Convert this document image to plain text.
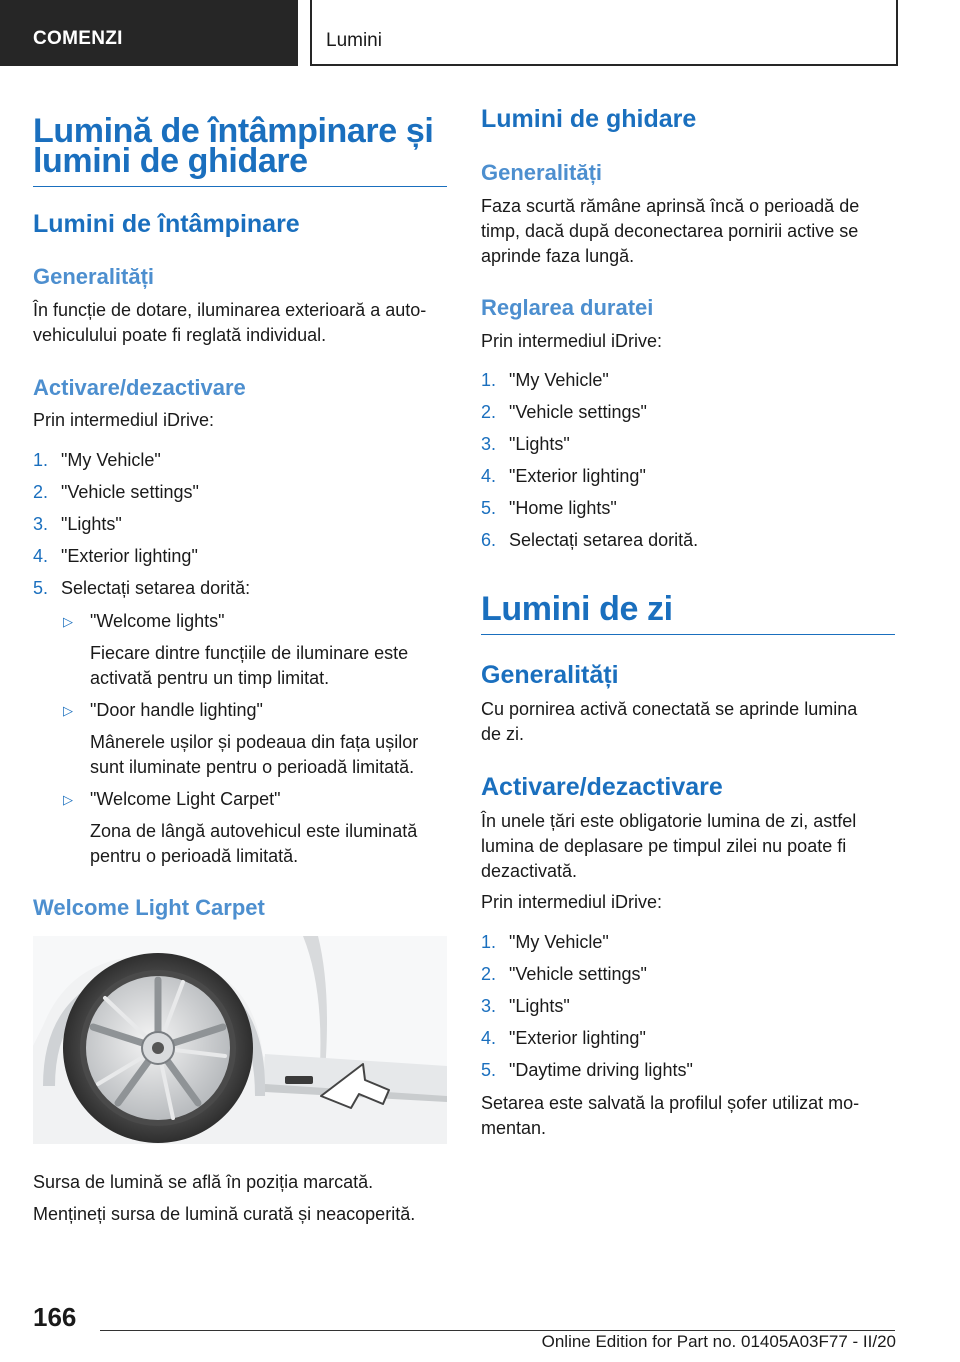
COMENZI	Lumini
Lumină de întâmpinare și
lumini de ghidare
Lumini de întâmpinare
Generalități
În funcție de dotare, iluminarea exterioară a auto‐
vehiculului poate fi reglată individual.
Activare/dezactivare
Prin intermediul iDrive:
1. "My Vehicle"
2. "Vehicle settings"
3. "Lights"
4. "Exterior lighting"
5. Selectați setarea dorită:
▷ "Welcome lights"
Fiecare dintre funcțiile de iluminare este
activată pentru un timp limitat.
▷ "Door handle lighting"
Mânerele ușilor și podeaua din fața ușilor
sunt iluminate pentru o perioadă limitată.
▷ "Welcome Light Carpet"
Zona de lângă autovehicul este iluminată
pentru o perioadă limitată.
Welcome Light Carpet
Sursa de lumină se află în poziția marcată.
Mențineți sursa de lumină curată și neacoperită.
Lumini de ghidare
Generalități
Faza scurtă rămâne aprinsă încă o perioadă de
timp, dacă după deconectarea pornirii active se
aprinde faza lungă.
Reglarea duratei
Prin intermediul iDrive:
1. "My Vehicle"
2. "Vehicle settings"
3. "Lights"
4. "Exterior lighting"
5. "Home lights"
6. Selectați setarea dorită.
Lumini de zi
Generalități
Cu pornirea activă conectată se aprinde lumina
de zi.
Activare/dezactivare
În unele țări este obligatorie lumina de zi, astfel
lumina de deplasare pe timpul zilei nu poate fi
dezactivată.
Prin intermediul iDrive:
1. "My Vehicle"
2. "Vehicle settings"
3. "Lights"
4. "Exterior lighting"
5. "Daytime driving lights"
Setarea este salvată la profilul șofer utilizat mo‐
mentan.
166
Online Edition for Part no. 01405A03F77 - II/20
